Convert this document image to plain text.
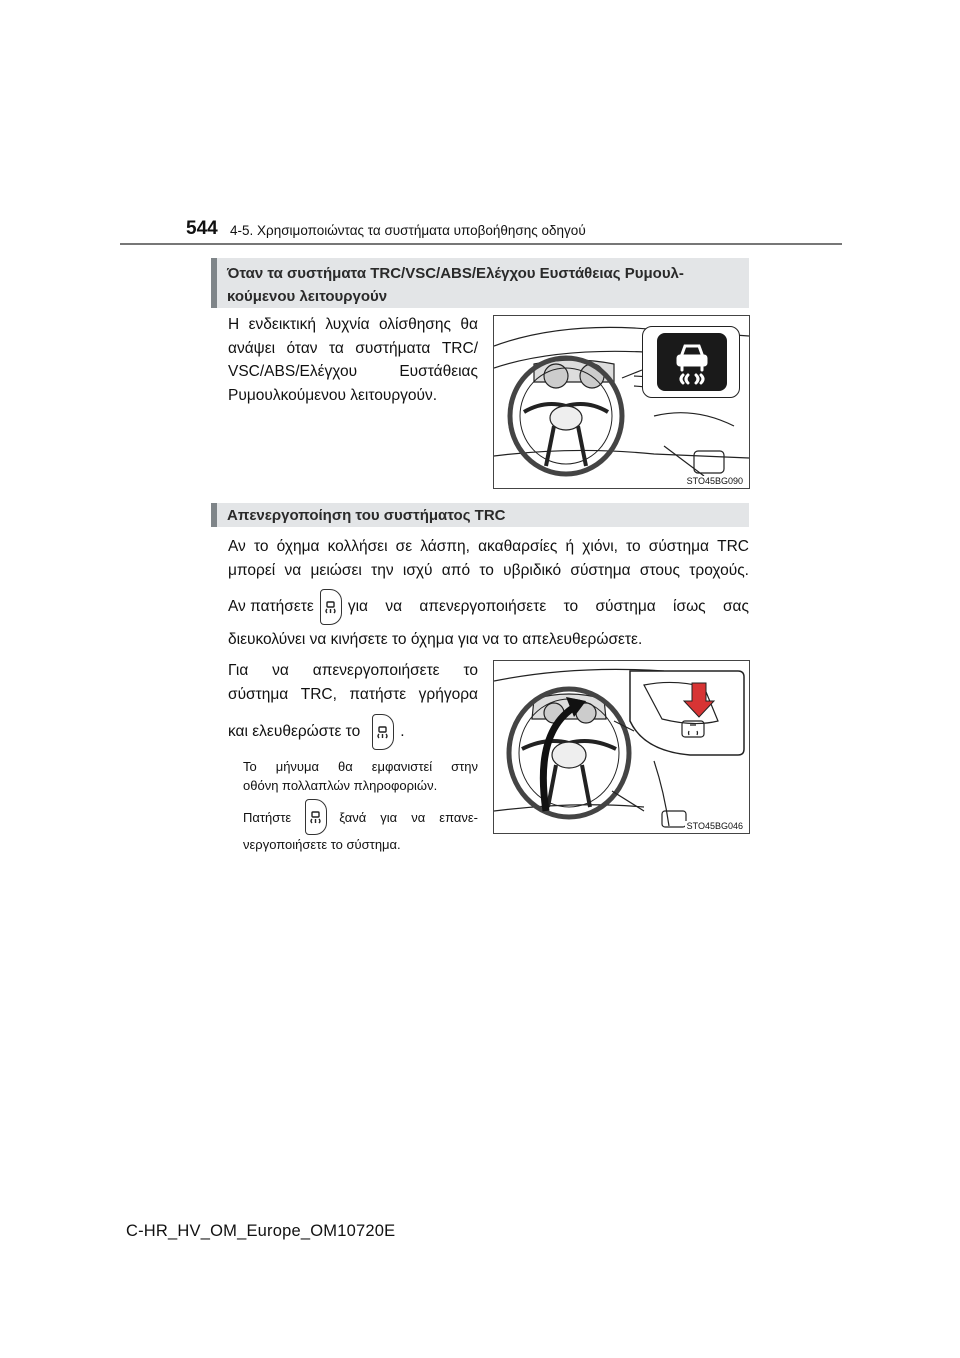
544 4-5. Χρησιμοποιώντας τα συστήματα υποβοήθησης οδηγού
Όταν τα συστήματα TRC/VSC/ABS/Ελέγχου Ευστάθειας Ρυμουλ-
κούμενου λειτουργούν
Η ενδεικτική λυχνία ολίσθησης θα
ανάψει όταν τα συστήματα TRC/
VSC/ABS/Ελέγχου Ευστάθειας
Ρυμουλκούμενου λειτουργούν.
STO45BG090
Απενεργοποίηση του συστήματος TRC
Αν το όχημα κολλήσει σε λάσπη, ακαθαρσίες ή χιόνι, το σύστημα TRC
μπορεί να μειώσει την ισχύ από το υβριδικό σύστημα στους τροχούς.
Αν πατήσετε για να απενεργοποιήσετε το σύστημα ίσως σας
διευκολύνει να κινήσετε το όχημα για να το απελευθερώσετε.
Για να απενεργοποιήσετε το
σύστημα TRC, πατήστε γρήγορα
και ελευθερώστε το	.
Το μήνυμα θα εμφανιστεί στην
οθόνη πολλαπλών πληροφοριών.
Πατήστε	ξανά για να επανε-
νεργοποιήσετε το σύστημα.
STO45BG046
C-HR_HV_OM_Europe_OM10720E
